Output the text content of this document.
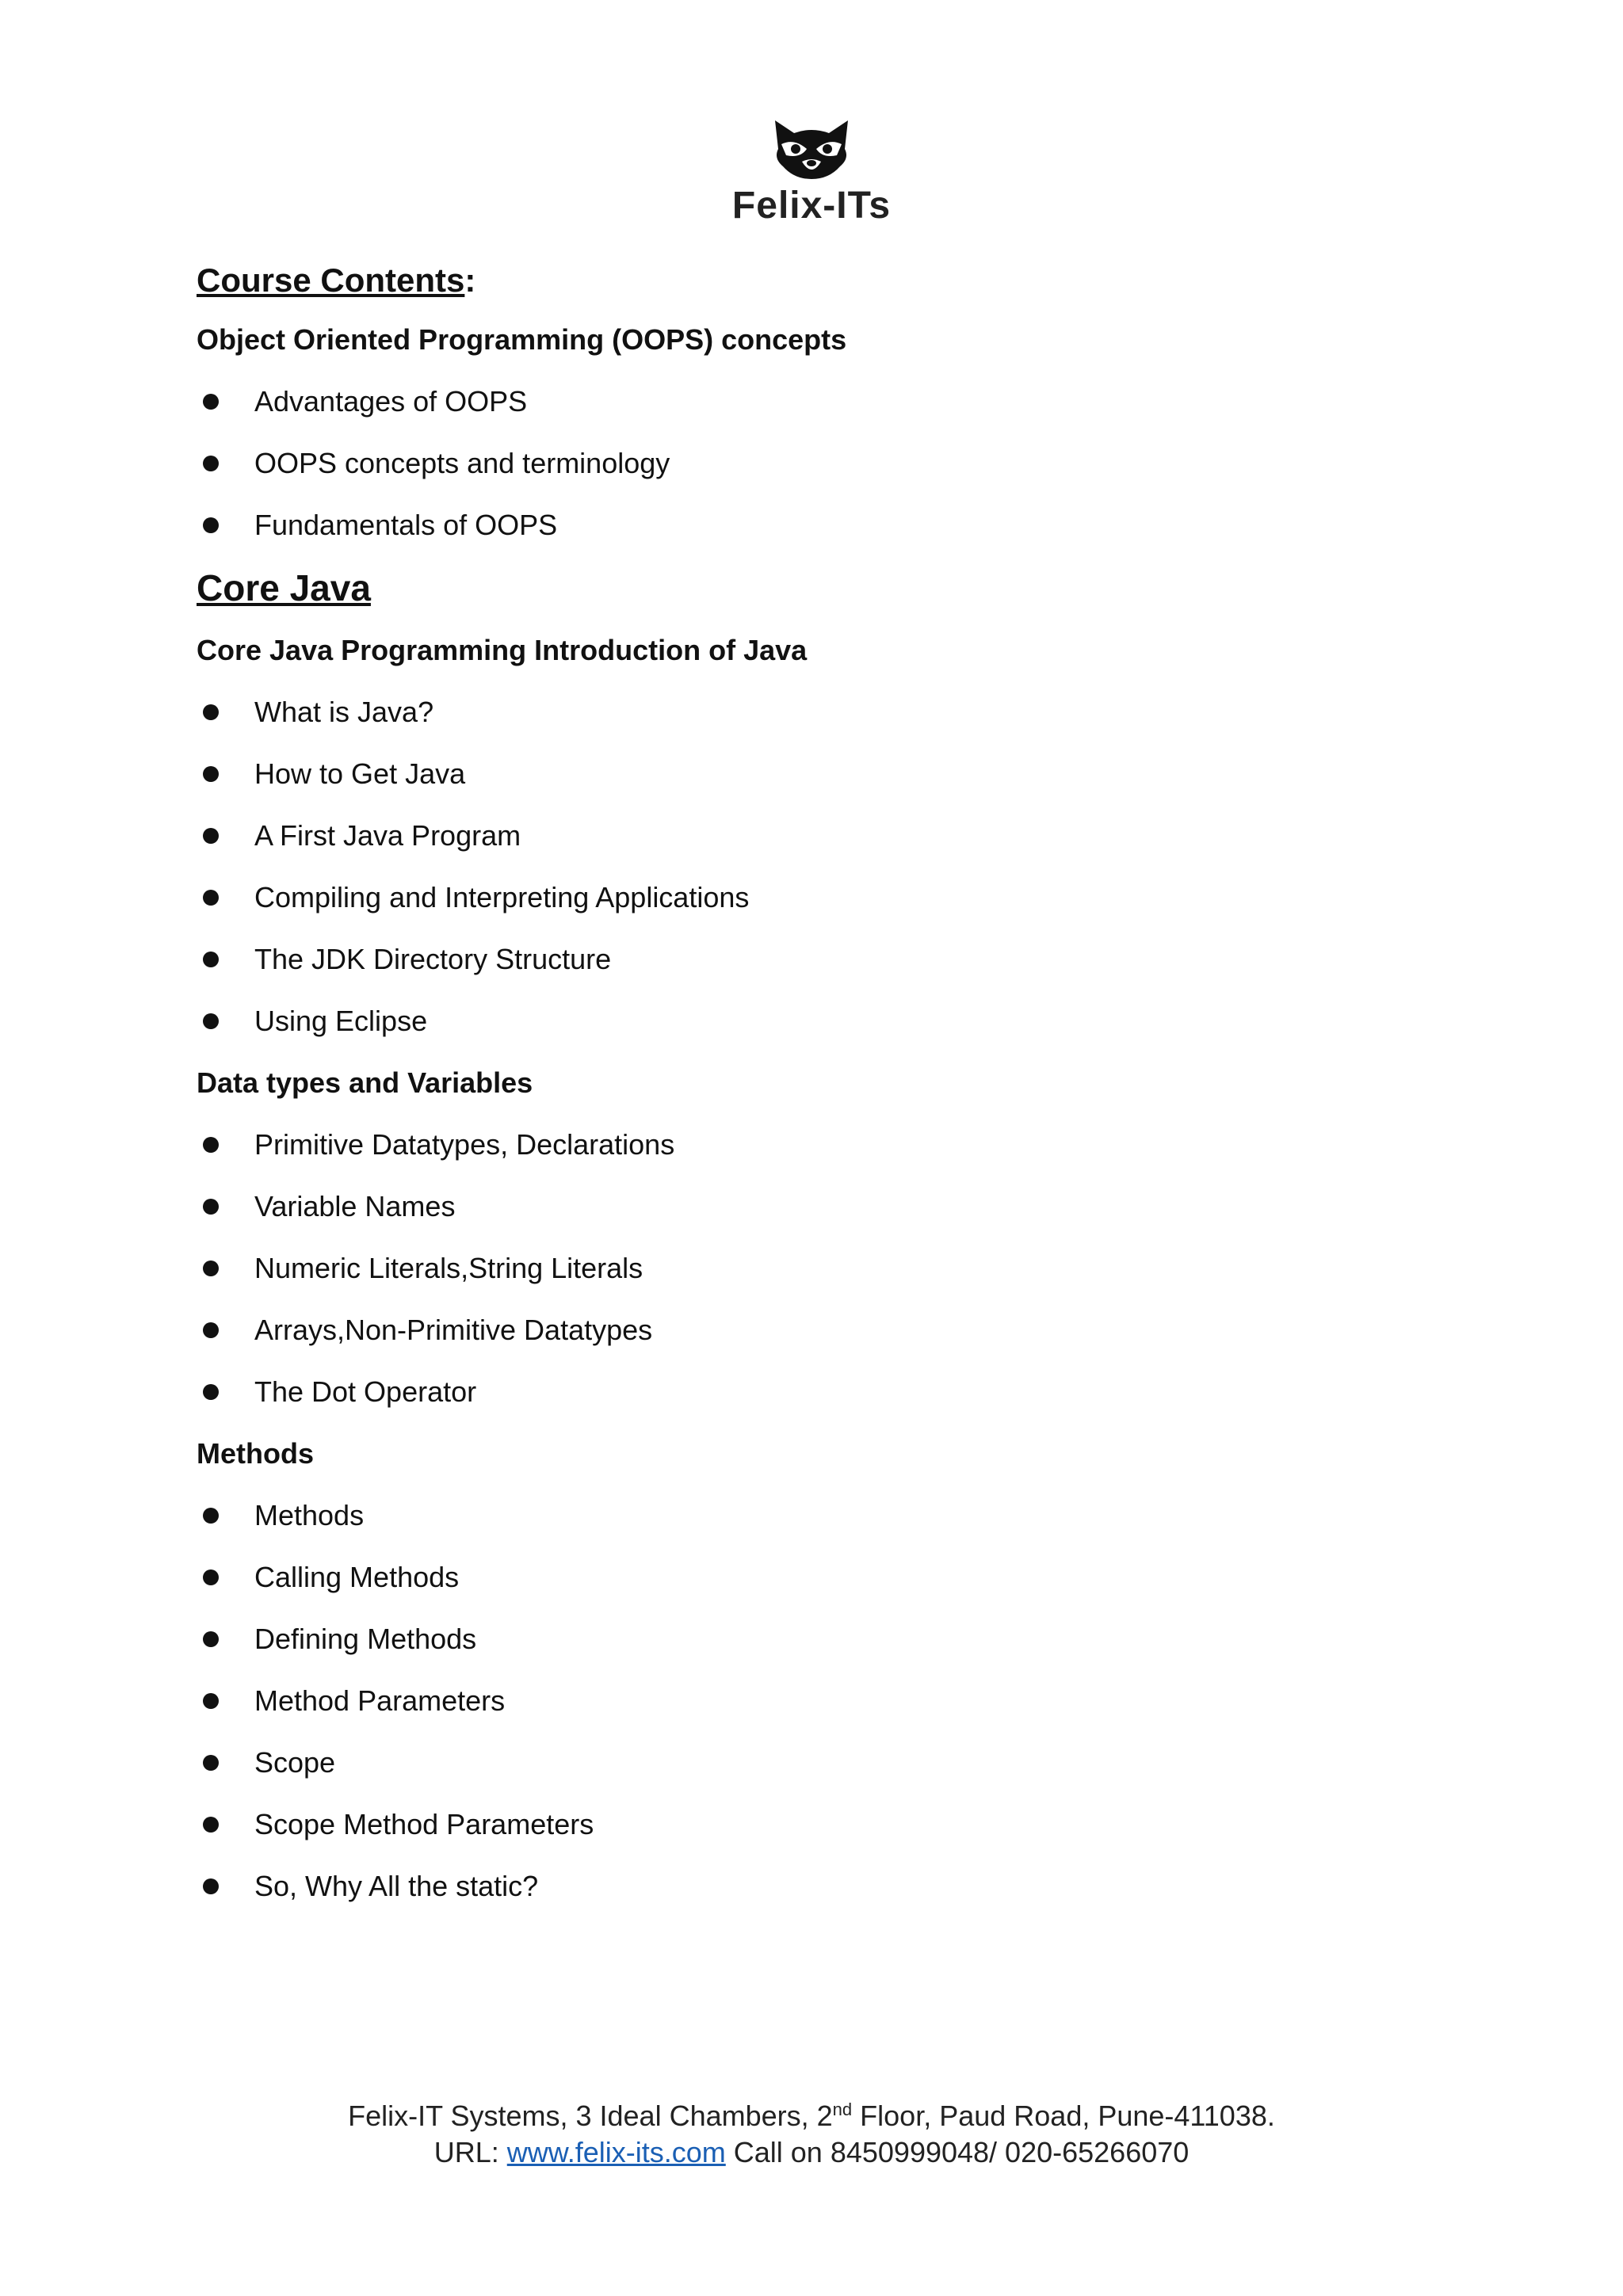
Felix-ITs
Course Contents:
Object Oriented Programming (OOPS) concepts
Advantages of OOPS
OOPS concepts and terminology
Fundamentals of OOPS
Core Java
Core Java Programming Introduction of Java
What is Java?
How to Get Java
A First Java Program
Compiling and Interpreting Applications
The JDK Directory Structure
Using Eclipse
Data types and Variables
Primitive Datatypes, Declarations
Variable Names
Numeric Literals,String Literals
Arrays,Non-Primitive Datatypes
The Dot Operator
Methods
Methods
Calling Methods
Defining Methods
Method Parameters
Scope
Scope Method Parameters
So, Why All the static?
Felix-IT Systems, 3 Ideal Chambers, 2nd Floor, Paud Road, Pune-411038.
URL: www.felix-its.com Call on 8450999048/ 020-65266070
